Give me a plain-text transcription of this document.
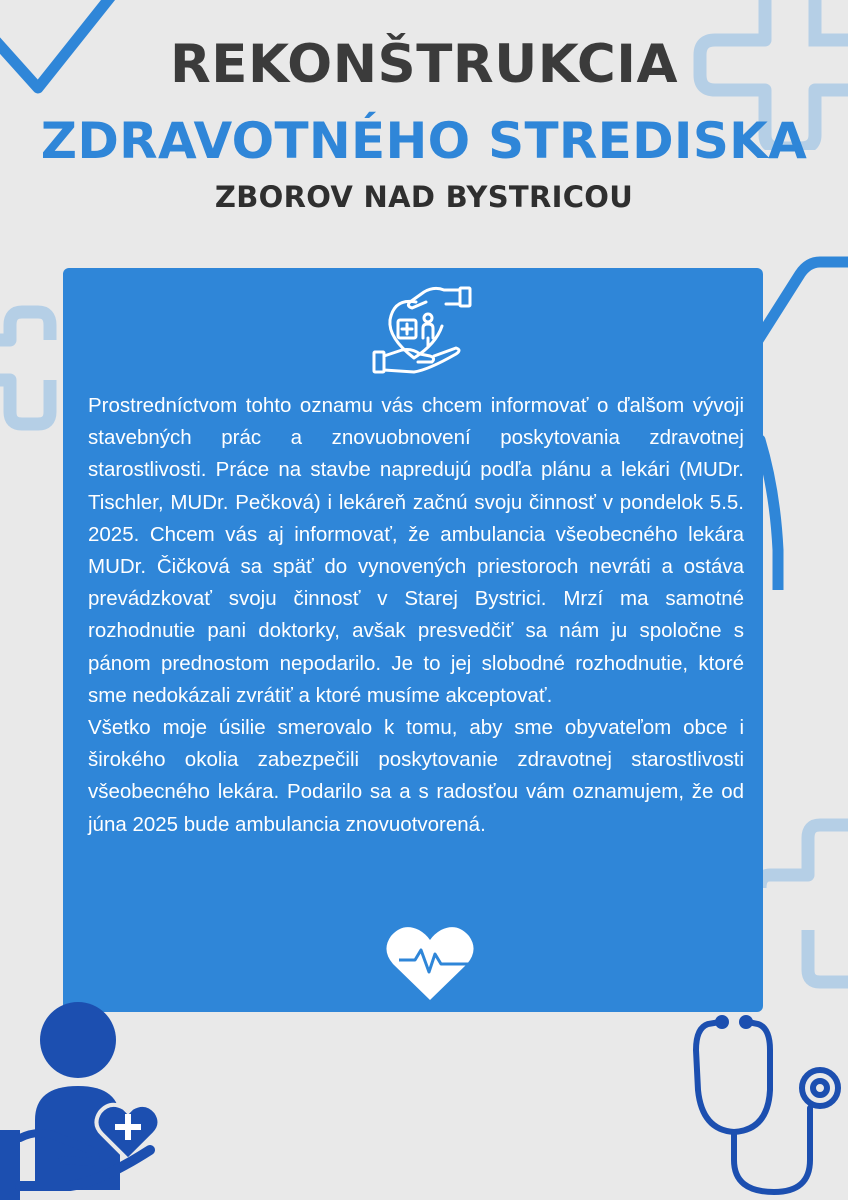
REKONŠTRUKCIA
ZDRAVOTNÉHO STREDISKA
ZBOROV NAD BYSTRICOU

Prostredníctvom tohto oznamu vás chcem informovať o ďalšom vývoji stavebných prác a znovuobnovení poskytovania zdravotnej starostlivosti. Práce na stavbe napredujú podľa plánu a lekári (MUDr. Tischler, MUDr. Pečková) i lekáreň začnú svoju činnosť v pondelok 5.5. 2025. Chcem vás aj informovať, že ambulancia všeobecného lekára MUDr. Čičková sa späť do vynovených priestoroch nevráti a ostáva prevádzkovať svoju činnosť v Starej Bystrici. Mrzí ma samotné rozhodnutie pani doktorky, avšak presvedčiť sa nám ju spoločne s pánom prednostom nepodarilo. Je to jej slobodné rozhodnutie, ktoré sme nedokázali zvrátiť a ktoré musíme akceptovať.

Všetko moje úsilie smerovalo k tomu, aby sme obyvateľom obce i širokého okolia zabezpečili poskytovanie zdravotnej starostlivosti všeobecného lekára. Podarilo sa a s radosťou vám oznamujem, že od júna 2025 bude ambulancia znovuotvorená.
